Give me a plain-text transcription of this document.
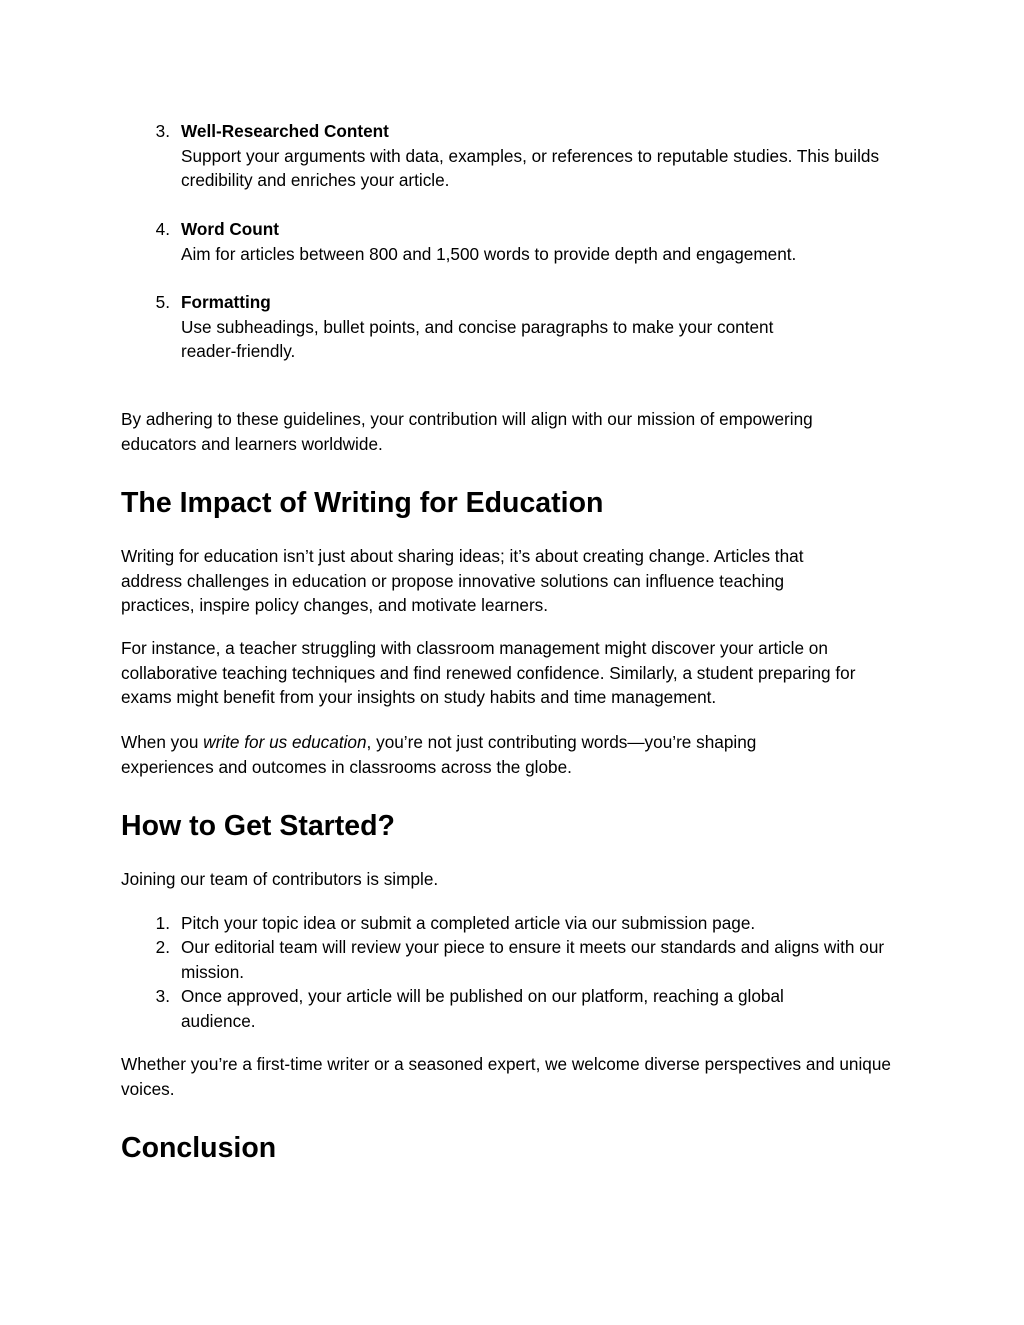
3. Well-Researched Content
Support your arguments with data, examples, or references to reputable studies. This builds credibility and enriches your article.
4. Word Count
Aim for articles between 800 and 1,500 words to provide depth and engagement.
5. Formatting
Use subheadings, bullet points, and concise paragraphs to make your content reader-friendly.

By adhering to these guidelines, your contribution will align with our mission of empowering educators and learners worldwide.

The Impact of Writing for Education

Writing for education isn’t just about sharing ideas; it’s about creating change. Articles that address challenges in education or propose innovative solutions can influence teaching practices, inspire policy changes, and motivate learners.

For instance, a teacher struggling with classroom management might discover your article on collaborative teaching techniques and find renewed confidence. Similarly, a student preparing for exams might benefit from your insights on study habits and time management.

When you write for us education, you’re not just contributing words—you’re shaping experiences and outcomes in classrooms across the globe.

How to Get Started?

Joining our team of contributors is simple.

1. Pitch your topic idea or submit a completed article via our submission page.
2. Our editorial team will review your piece to ensure it meets our standards and aligns with our mission.
3. Once approved, your article will be published on our platform, reaching a global audience.

Whether you’re a first-time writer or a seasoned expert, we welcome diverse perspectives and unique voices.

Conclusion
